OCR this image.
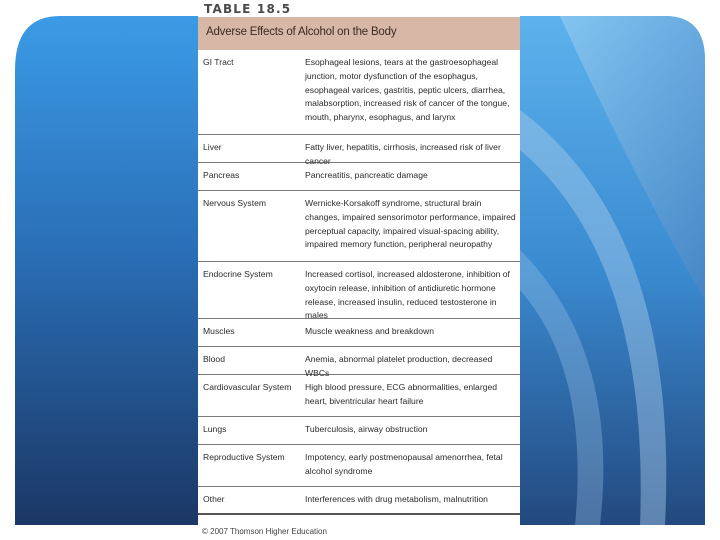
TABLE 18.5
Adverse Effects of Alcohol on the Body
GI Tract	Esophageal lesions, tears at the gastroesophageal junction, motor dysfunction of the esophagus, esophageal varices, gastritis, peptic ulcers, diarrhea, malabsorption, increased risk of cancer of the tongue, mouth, pharynx, esophagus, and larynx
Liver	Fatty liver, hepatitis, cirrhosis, increased risk of liver cancer
Pancreas	Pancreatitis, pancreatic damage
Nervous System	Wernicke-Korsakoff syndrome, structural brain changes, impaired sensorimotor performance, impaired perceptual capacity, impaired visual-spacing ability, impaired memory function, peripheral neuropathy
Endocrine System	Increased cortisol, increased aldosterone, inhibition of oxytocin release, inhibition of antidiuretic hormone release, increased insulin, reduced testosterone in males
Muscles	Muscle weakness and breakdown
Blood	Anemia, abnormal platelet production, decreased WBCs
Cardiovascular System	High blood pressure, ECG abnormalities, enlarged heart, biventricular heart failure
Lungs	Tuberculosis, airway obstruction
Reproductive System	Impotency, early postmenopausal amenorrhea, fetal alcohol syndrome
Other	Interferences with drug metabolism, malnutrition
© 2007 Thomson Higher Education
